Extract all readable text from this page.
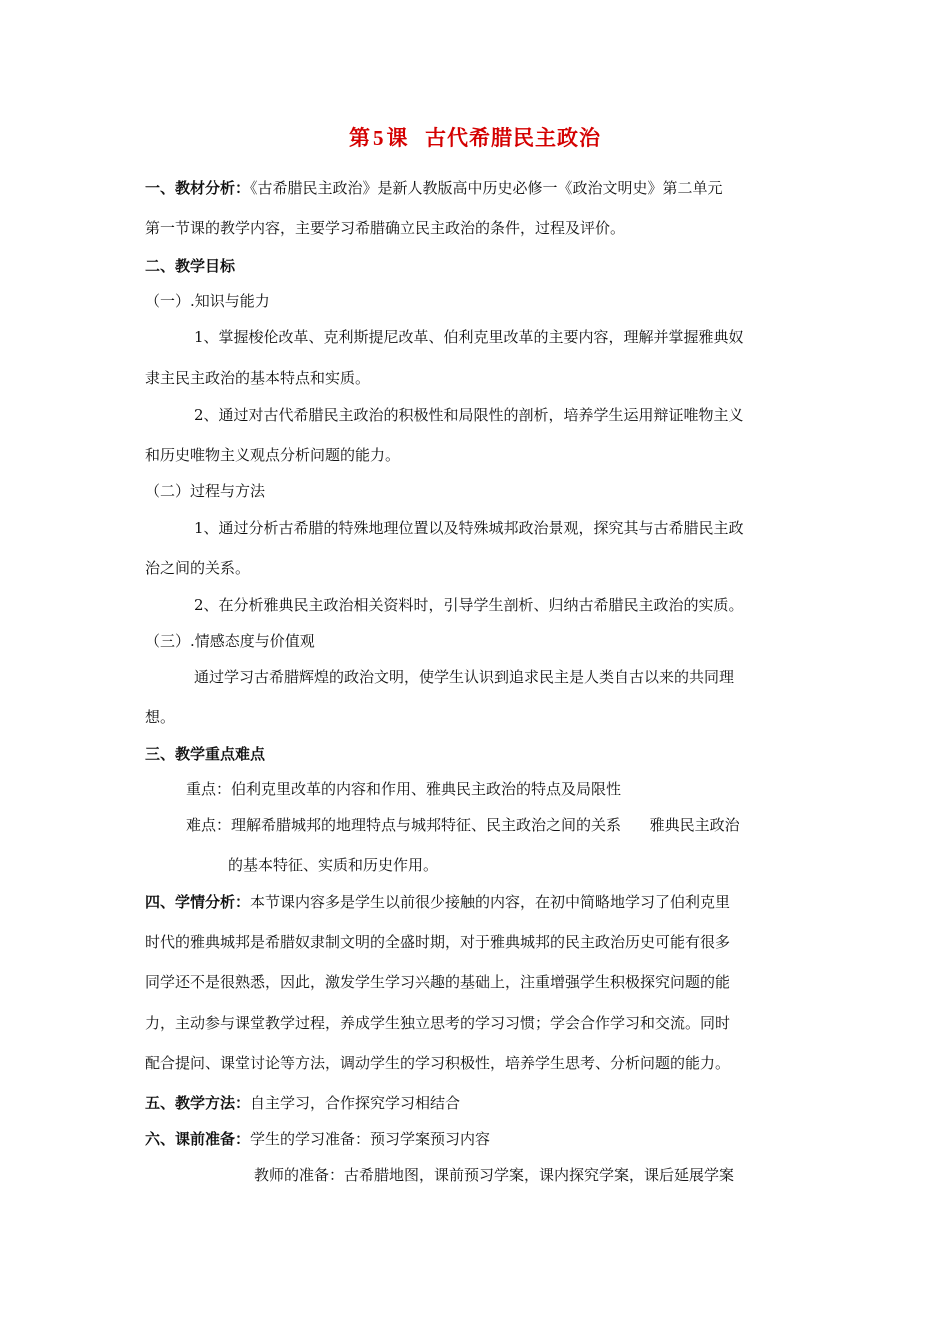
第5课  古代希腊民主政治
一、教材分析：《古希腊民主政治》是新人教版高中历史必修一《政治文明史》第二单元
第一节课的教学内容，主要学习希腊确立民主政治的条件，过程及评价。
二、教学目标
（一）.知识与能力
1、掌握梭伦改革、克利斯提尼改革、伯利克里改革的主要内容，理解并掌握雅典奴
隶主民主政治的基本特点和实质。
2、通过对古代希腊民主政治的积极性和局限性的剖析，培养学生运用辩证唯物主义
和历史唯物主义观点分析问题的能力。
（二）过程与方法
1、通过分析古希腊的特殊地理位置以及特殊城邦政治景观，探究其与古希腊民主政
治之间的关系。
2、在分析雅典民主政治相关资料时，引导学生剖析、归纳古希腊民主政治的实质。
（三）.情感态度与价值观
通过学习古希腊辉煌的政治文明，使学生认识到追求民主是人类自古以来的共同理
想。
三、教学重点难点
重点：伯利克里改革的内容和作用、雅典民主政治的特点及局限性
难点：理解希腊城邦的地理特点与城邦特征、民主政治之间的关系      雅典民主政治
的基本特征、实质和历史作用。
四、学情分析：本节课内容多是学生以前很少接触的内容，在初中简略地学习了伯利克里
时代的雅典城邦是希腊奴隶制文明的全盛时期，对于雅典城邦的民主政治历史可能有很多
同学还不是很熟悉，因此，激发学生学习兴趣的基础上，注重增强学生积极探究问题的能
力，主动参与课堂教学过程，养成学生独立思考的学习习惯；学会合作学习和交流。同时
配合提问、课堂讨论等方法，调动学生的学习积极性，培养学生思考、分析问题的能力。
五、教学方法：自主学习，合作探究学习相结合
六、课前准备：学生的学习准备：预习学案预习内容
教师的准备：古希腊地图，课前预习学案，课内探究学案，课后延展学案
